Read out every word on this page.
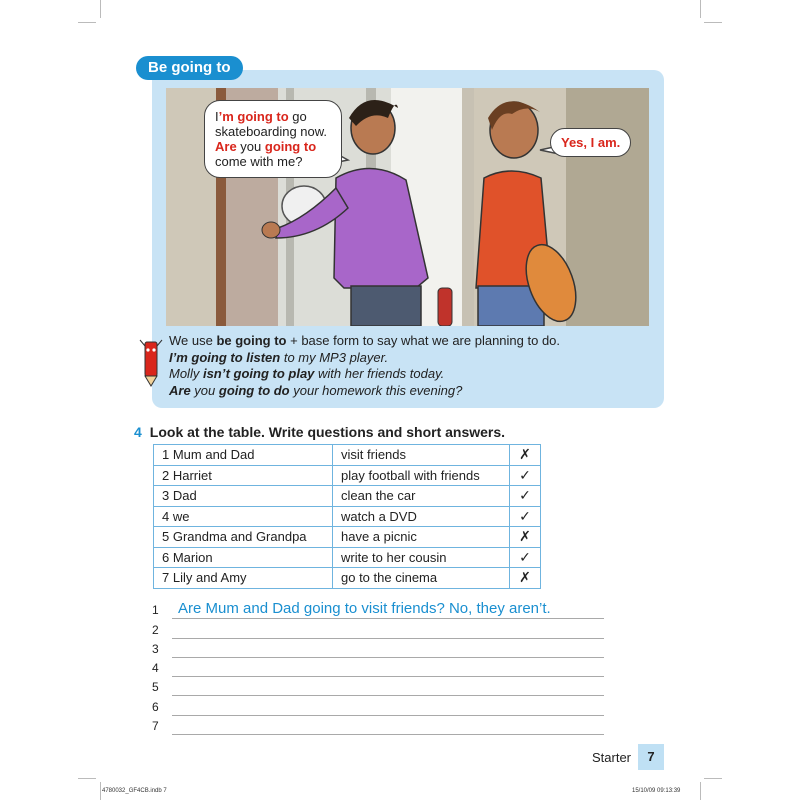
Be going to
I’m going to go
skateboarding now.
Are you going to
come with me?
Yes, I am.
We use be going to + base form to say what we are planning to do.
I’m going to listen to my MP3 player.
Molly isn’t going to play with her friends today.
Are you going to do your homework this evening?
4 Look at the table. Write questions and short answers.
1 Mum and Dad	visit friends	✗
2 Harriet	play football with friends	✓
3 Dad	clean the car	✓
4 we	watch a DVD	✓
5 Grandma and Grandpa	have a picnic	✗
6 Marion	write to her cousin	✓
7 Lily and Amy	go to the cinema	✗
1 Are Mum and Dad going to visit friends? No, they aren’t.
2
3
4
5
6
7
Starter	7
4780032_GF4CB.indb 7	15/10/09 09:13:39
